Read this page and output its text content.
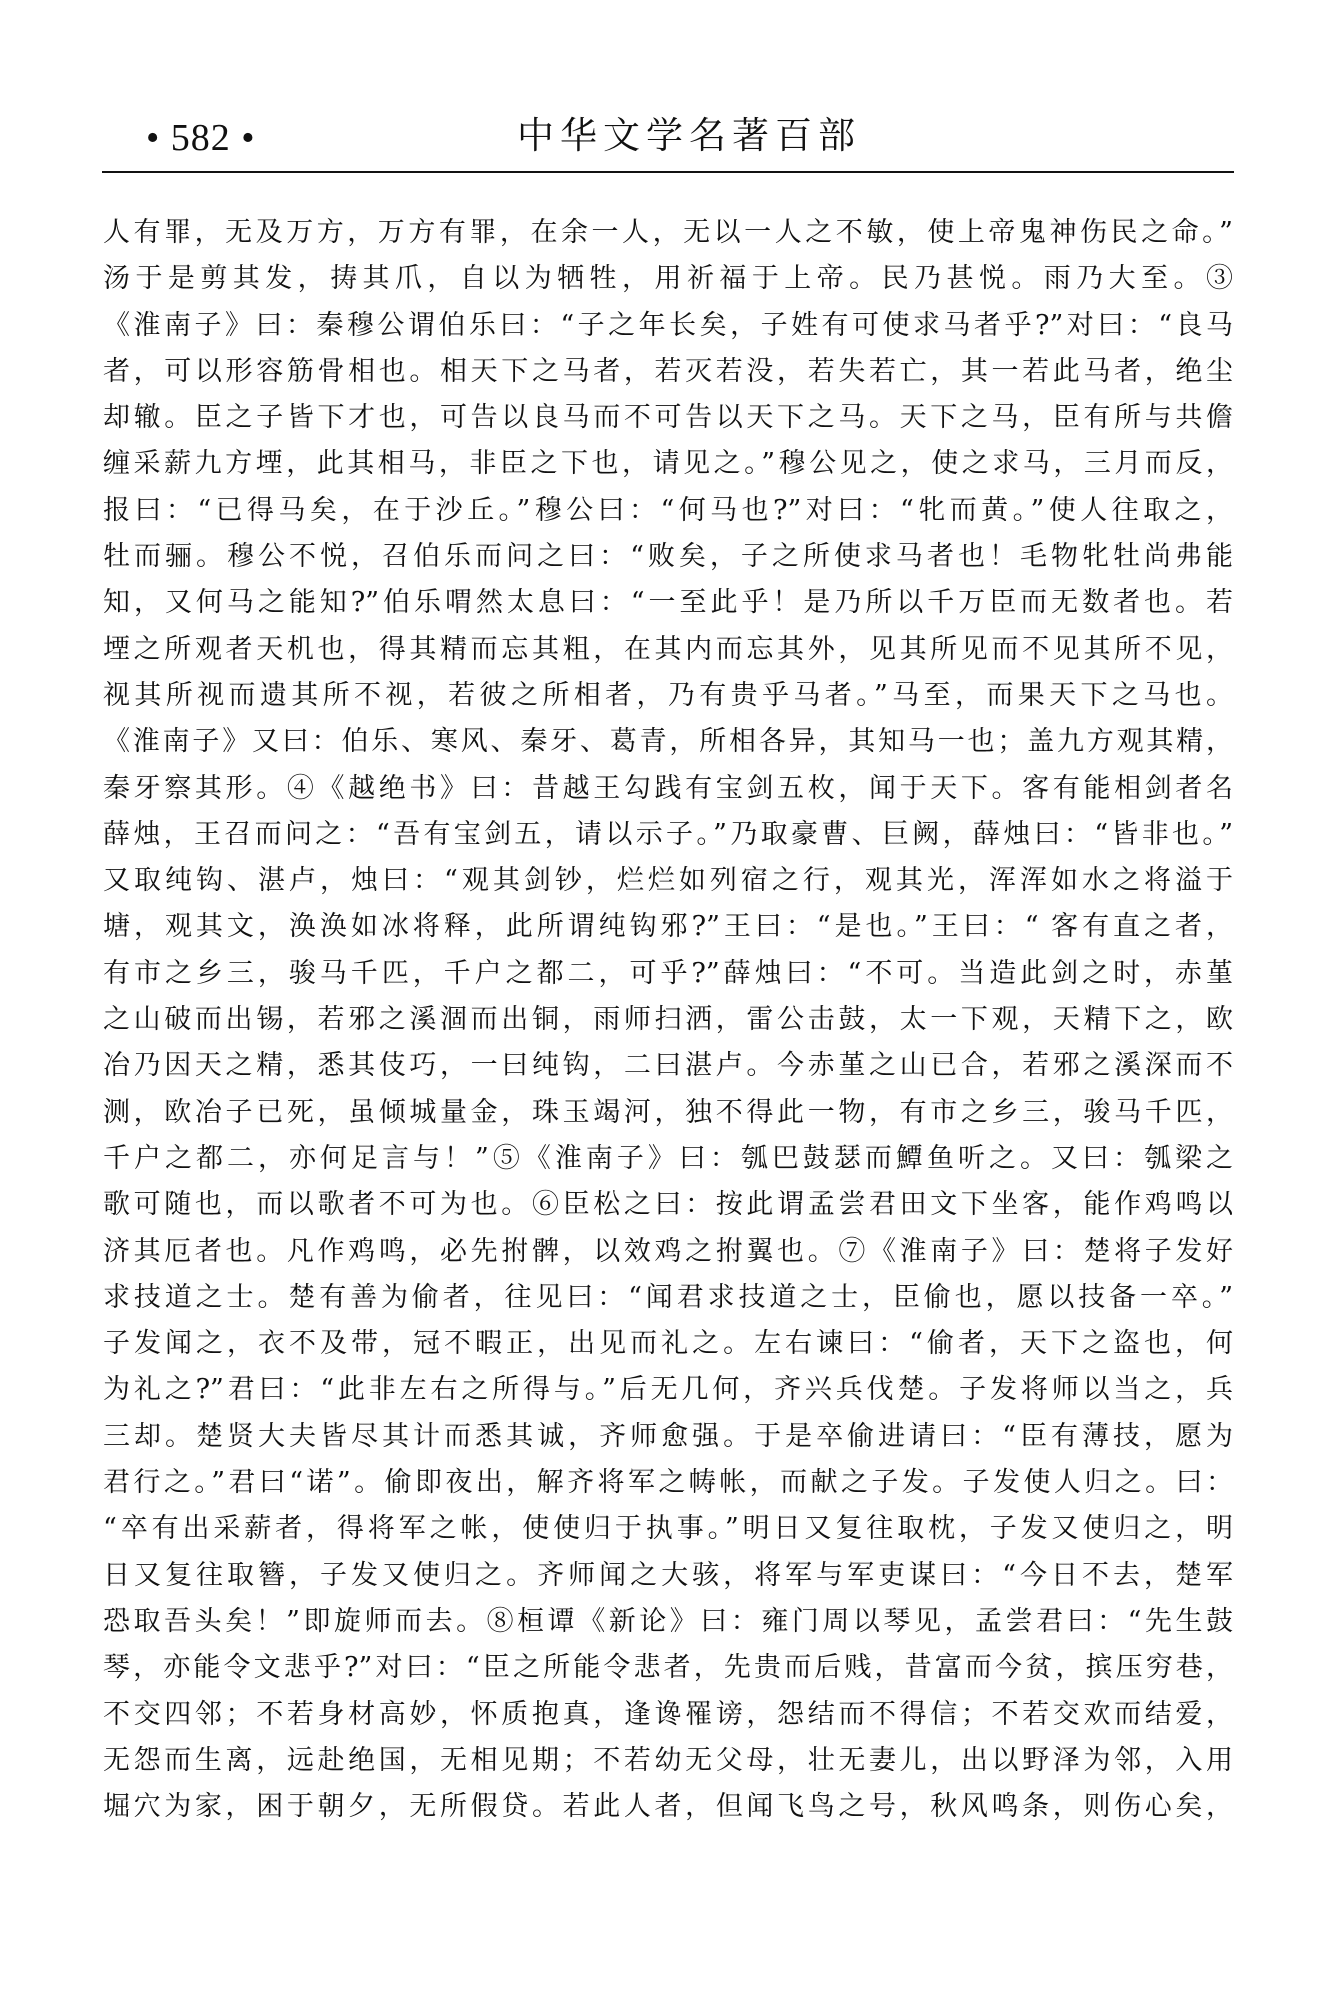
• 582 •	中华文学名著百部
人有罪，无及万方，万方有罪，在余一人，无以一人之不敏，使上帝鬼神伤民之命。”
汤于是剪其发，𢭏其爪，自以为牺牲，用祈福于上帝。民乃甚悦。雨乃大至。③
《淮南子》曰：秦穆公谓伯乐曰：“子之年长矣，子姓有可使求马者乎?”对曰：“良马
者，可以形容筋骨相也。相天下之马者，若灭若没，若失若亡，其一若此马者，绝尘
却辙。臣之子皆下才也，可告以良马而不可告以天下之马。天下之马，臣有所与共儋
缠采薪九方堙，此其相马，非臣之下也，请见之。”穆公见之，使之求马，三月而反，
报曰：“已得马矣，在于沙丘。”穆公曰：“何马也?”对曰：“牝而黄。”使人往取之，
牡而骊。穆公不悦，召伯乐而问之曰：“败矣，子之所使求马者也！毛物牝牡尚弗能
知，又何马之能知?”伯乐喟然太息曰：“一至此乎！是乃所以千万臣而无数者也。若
堙之所观者天机也，得其精而忘其粗，在其内而忘其外，见其所见而不见其所不见，
视其所视而遗其所不视，若彼之所相者，乃有贵乎马者。”马至，而果天下之马也。
《淮南子》又曰：伯乐、寒风、秦牙、葛青，所相各异，其知马一也；盖九方观其精，
秦牙察其形。④《越绝书》曰：昔越王勾践有宝剑五枚，闻于天下。客有能相剑者名
薛烛，王召而问之：“吾有宝剑五，请以示子。”乃取豪曹、巨阙，薛烛曰：“皆非也。”
又取纯钩、湛卢，烛曰：“观其剑钞，烂烂如列宿之行，观其光，浑浑如水之将溢于
塘，观其文，涣涣如冰将释，此所谓纯钩邪?”王曰：“是也。”王曰：“ 客有直之者，
有市之乡三，骏马千匹，千户之都二，可乎?”薛烛曰：“不可。当造此剑之时，赤堇
之山破而出锡，若邪之溪涸而出铜，雨师扫洒，雷公击鼓，太一下观，天精下之，欧
冶乃因天之精，悉其伎巧，一曰纯钩，二曰湛卢。今赤堇之山已合，若邪之溪深而不
测，欧冶子已死，虽倾城量金，珠玉竭河，独不得此一物，有市之乡三，骏马千匹，
千户之都二，亦何足言与！”⑤《淮南子》曰：瓠巴鼓瑟而鱏鱼听之。又曰：瓠梁之
歌可随也，而以歌者不可为也。⑥臣松之曰：按此谓孟尝君田文下坐客，能作鸡鸣以
济其厄者也。凡作鸡鸣，必先拊髀，以效鸡之拊翼也。⑦《淮南子》曰：楚将子发好
求技道之士。楚有善为偷者，往见曰：“闻君求技道之士，臣偷也，愿以技备一卒。”
子发闻之，衣不及带，冠不暇正，出见而礼之。左右谏曰：“偷者，天下之盗也，何
为礼之?”君曰：“此非左右之所得与。”后无几何，齐兴兵伐楚。子发将师以当之，兵
三却。楚贤大夫皆尽其计而悉其诚，齐师愈强。于是卒偷进请曰：“臣有薄技，愿为
君行之。”君曰“诺”。偷即夜出，解齐将军之帱帐，而献之子发。子发使人归之。曰：
“卒有出采薪者，得将军之帐，使使归于执事。”明日又复往取枕，子发又使归之，明
日又复往取簪，子发又使归之。齐师闻之大骇，将军与军吏谋曰：“今日不去，楚军
恐取吾头矣！”即旋师而去。⑧桓谭《新论》曰：雍门周以琴见，孟尝君曰：“先生鼓
琴，亦能令文悲乎?”对曰：“臣之所能令悲者，先贵而后贱，昔富而今贫，摈压穷巷，
不交四邻；不若身材高妙，怀质抱真，逢谗罹谤，怨结而不得信；不若交欢而结爱，
无怨而生离，远赴绝国，无相见期；不若幼无父母，壮无妻儿，出以野泽为邻，入用
堀穴为家，困于朝夕，无所假贷。若此人者，但闻飞鸟之号，秋风鸣条，则伤心矣，
